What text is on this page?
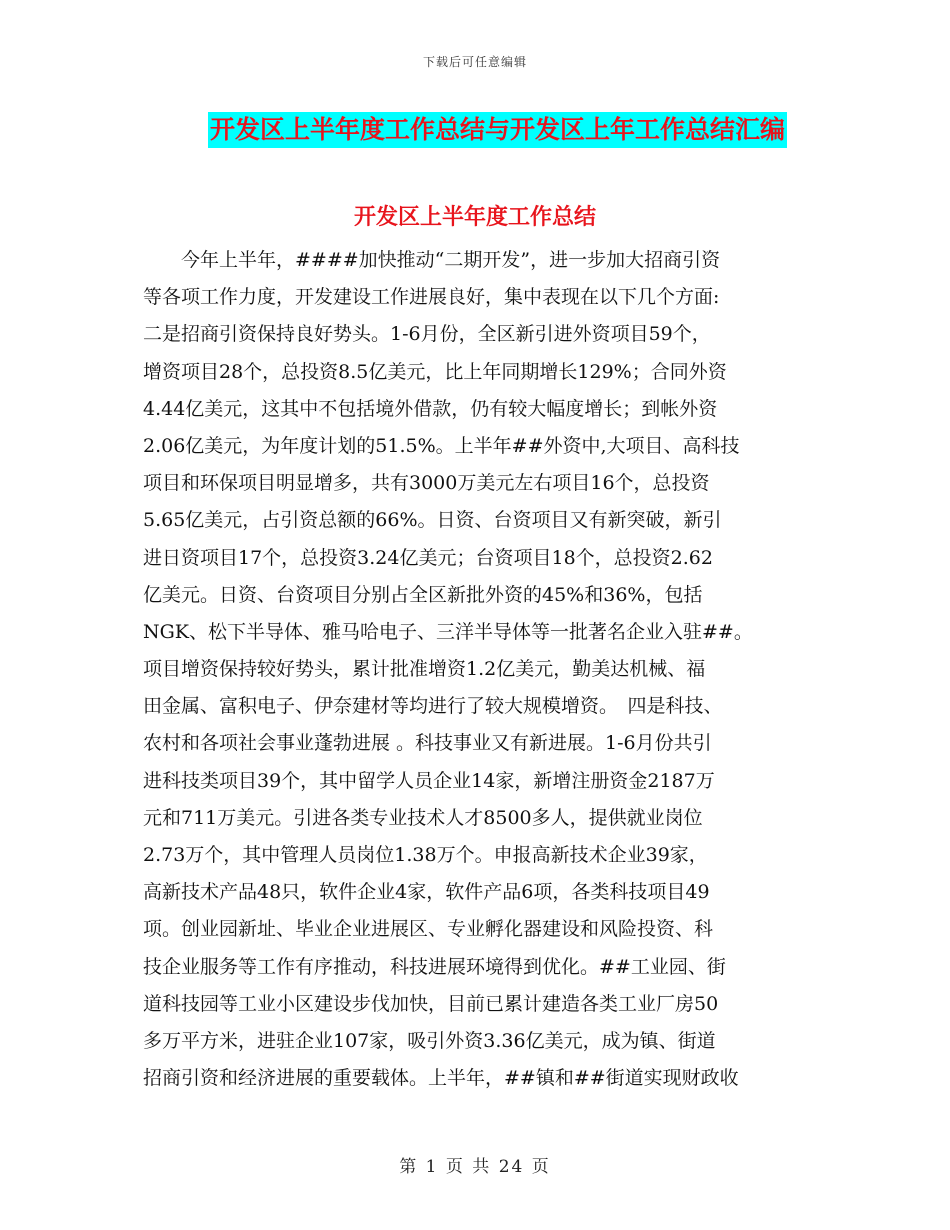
下载后可任意编辑
开发区上半年度工作总结与开发区上年工作总结汇编
开发区上半年度工作总结
　　今年上半年，####加快推动“二期开发”，进一步加大招商引资
等各项工作力度，开发建设工作进展良好，集中表现在以下几个方面:
二是招商引资保持良好势头。1-6月份，全区新引进外资项目59个，
增资项目28个，总投资8.5亿美元，比上年同期增长129%；合同外资
4.44亿美元，这其中不包括境外借款，仍有较大幅度增长；到帐外资
2.06亿美元，为年度计划的51.5%。上半年##外资中,大项目、高科技
项目和环保项目明显增多，共有3000万美元左右项目16个，总投资
5.65亿美元，占引资总额的66%。日资、台资项目又有新突破，新引
进日资项目17个，总投资3.24亿美元；台资项目18个，总投资2.62
亿美元。日资、台资项目分别占全区新批外资的45%和36%，包括
NGK、松下半导体、雅马哈电子、三洋半导体等一批著名企业入驻##。
项目增资保持较好势头，累计批准增资1.2亿美元，勤美达机械、福
田金属、富积电子、伊奈建材等均进行了较大规模增资。　四是科技、
农村和各项社会事业蓬勃进展 。科技事业又有新进展。1-6月份共引
进科技类项目39个，其中留学人员企业14家，新增注册资金2187万
元和711万美元。引进各类专业技术人才8500多人，提供就业岗位
2.73万个，其中管理人员岗位1.38万个。申报高新技术企业39家，
高新技术产品48只，软件企业4家，软件产品6项，各类科技项目49
项。创业园新址、毕业企业进展区、专业孵化器建设和风险投资、科
技企业服务等工作有序推动，科技进展环境得到优化。##工业园、街
道科技园等工业小区建设步伐加快，目前已累计建造各类工业厂房50
多万平方米，进驻企业107家，吸引外资3.36亿美元，成为镇、街道
招商引资和经济进展的重要载体。上半年，##镇和##街道实现财政收
第 1 页 共 24 页
